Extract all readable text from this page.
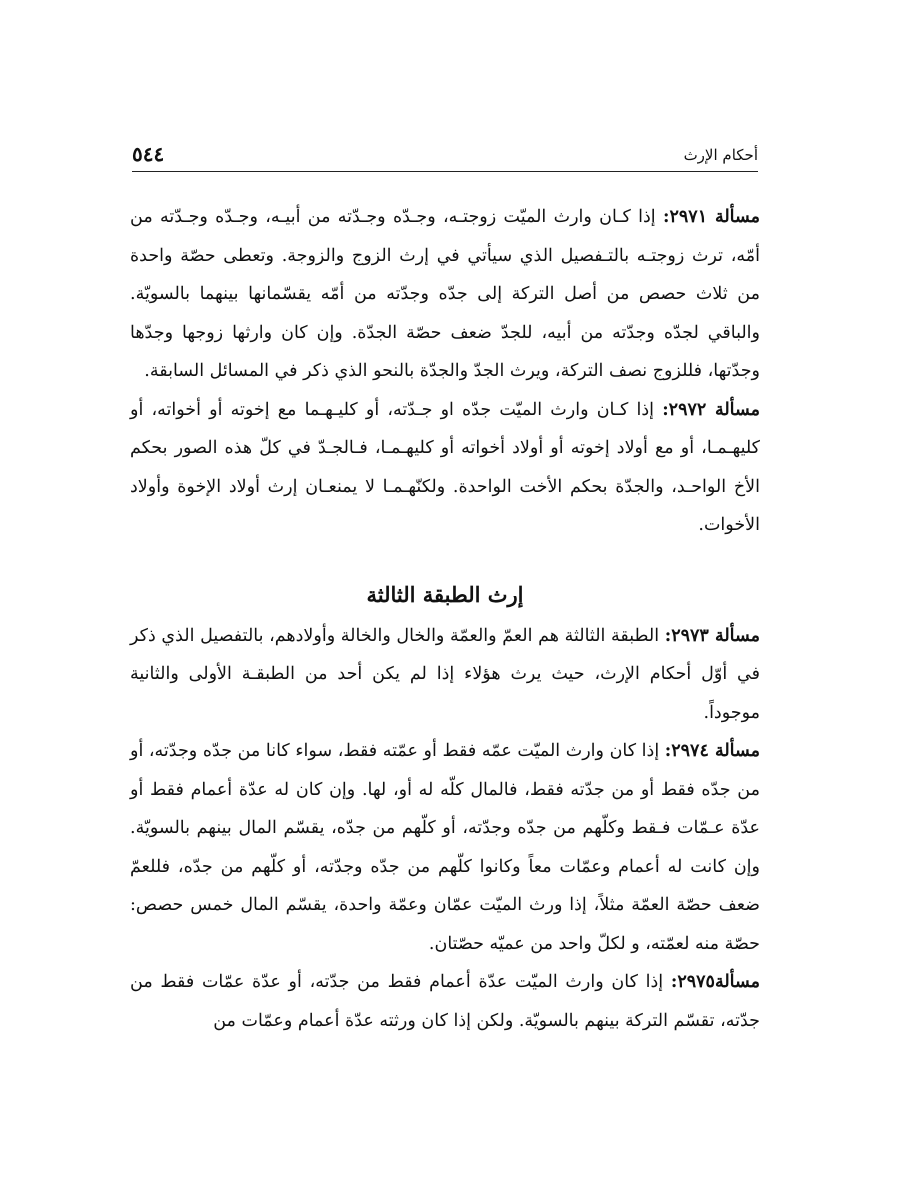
أحكام الإرث
٥٤٤

مسألة ٢٩٧١: إذا كـان وارث الميّت زوجتـه، وجـدّه وجـدّته من أبيـه، وجـدّه وجـدّته من أمّه، ترث زوجتـه بالتـفصيل الذي سيأتي في إرث الزوج والزوجة. وتعطى حصّة واحدة من ثلاث حصص من أصل التركة إلى جدّه وجدّته من أمّه يقسّمانها بينهما بالسويّة. والباقي لجدّه وجدّته من أبيه، للجدّ ضعف حصّة الجدّة. وإن كان وارثها زوجها وجدّها وجدّتها، فللزوج نصف التركة، ويرث الجدّ والجدّة بالنحو الذي ذكر في المسائل السابقة.

مسألة ٢٩٧٢: إذا كـان وارث الميّت جدّه او جـدّته، أو كليـهـما مع إخوته أو أخواته، أو كليهـمـا، أو مع أولاد إخوته أو أولاد أخواته أو كليهـمـا، فـالجـدّ في كلّ هذه الصور بحكم الأخ الواحـد، والجدّة بحكم الأخت الواحدة. ولكنّهـمـا لا يمنعـان إرث أولاد الإخوة وأولاد الأخوات.

إرث الطبقة الثالثة

مسألة ٢٩٧٣: الطبقة الثالثة هم العمّ والعمّة والخال والخالة وأولادهم، بالتفصيل الذي ذكر في أوّل أحكام الإرث، حيث يرث هؤلاء إذا لم يكن أحد من الطبقـة الأولى والثانية موجوداً.

مسألة ٢٩٧٤: إذا كان وارث الميّت عمّه فقط أو عمّته فقط، سواء كانا من جدّه وجدّته، أو من جدّه فقط أو من جدّته فقط، فالمال كلّه له أو، لها. وإن كان له عدّة أعمام فقط أو عدّة عـمّات فـقط وكلّهم من جدّه وجدّته، أو كلّهم من جدّه، يقسّم المال بينهم بالسويّة. وإن كانت له أعمام وعمّات معاً وكانوا كلّهم من جدّه وجدّته، أو كلّهم من جدّه، فللعمّ ضعف حصّة العمّة مثلاً، إذا ورث الميّت عمّان وعمّة واحدة، يقسّم المال خمس حصص: حصّة منه لعمّته، و لكلّ واحد من عميّه حصّتان.

مسألة٢٩٧٥: إذا كان وارث الميّت عدّة أعمام فقط من جدّته، أو عدّة عمّات فقط من جدّته، تقسّم التركة بينهم بالسويّة. ولكن إذا كان ورثته عدّة أعمام وعمّات من
